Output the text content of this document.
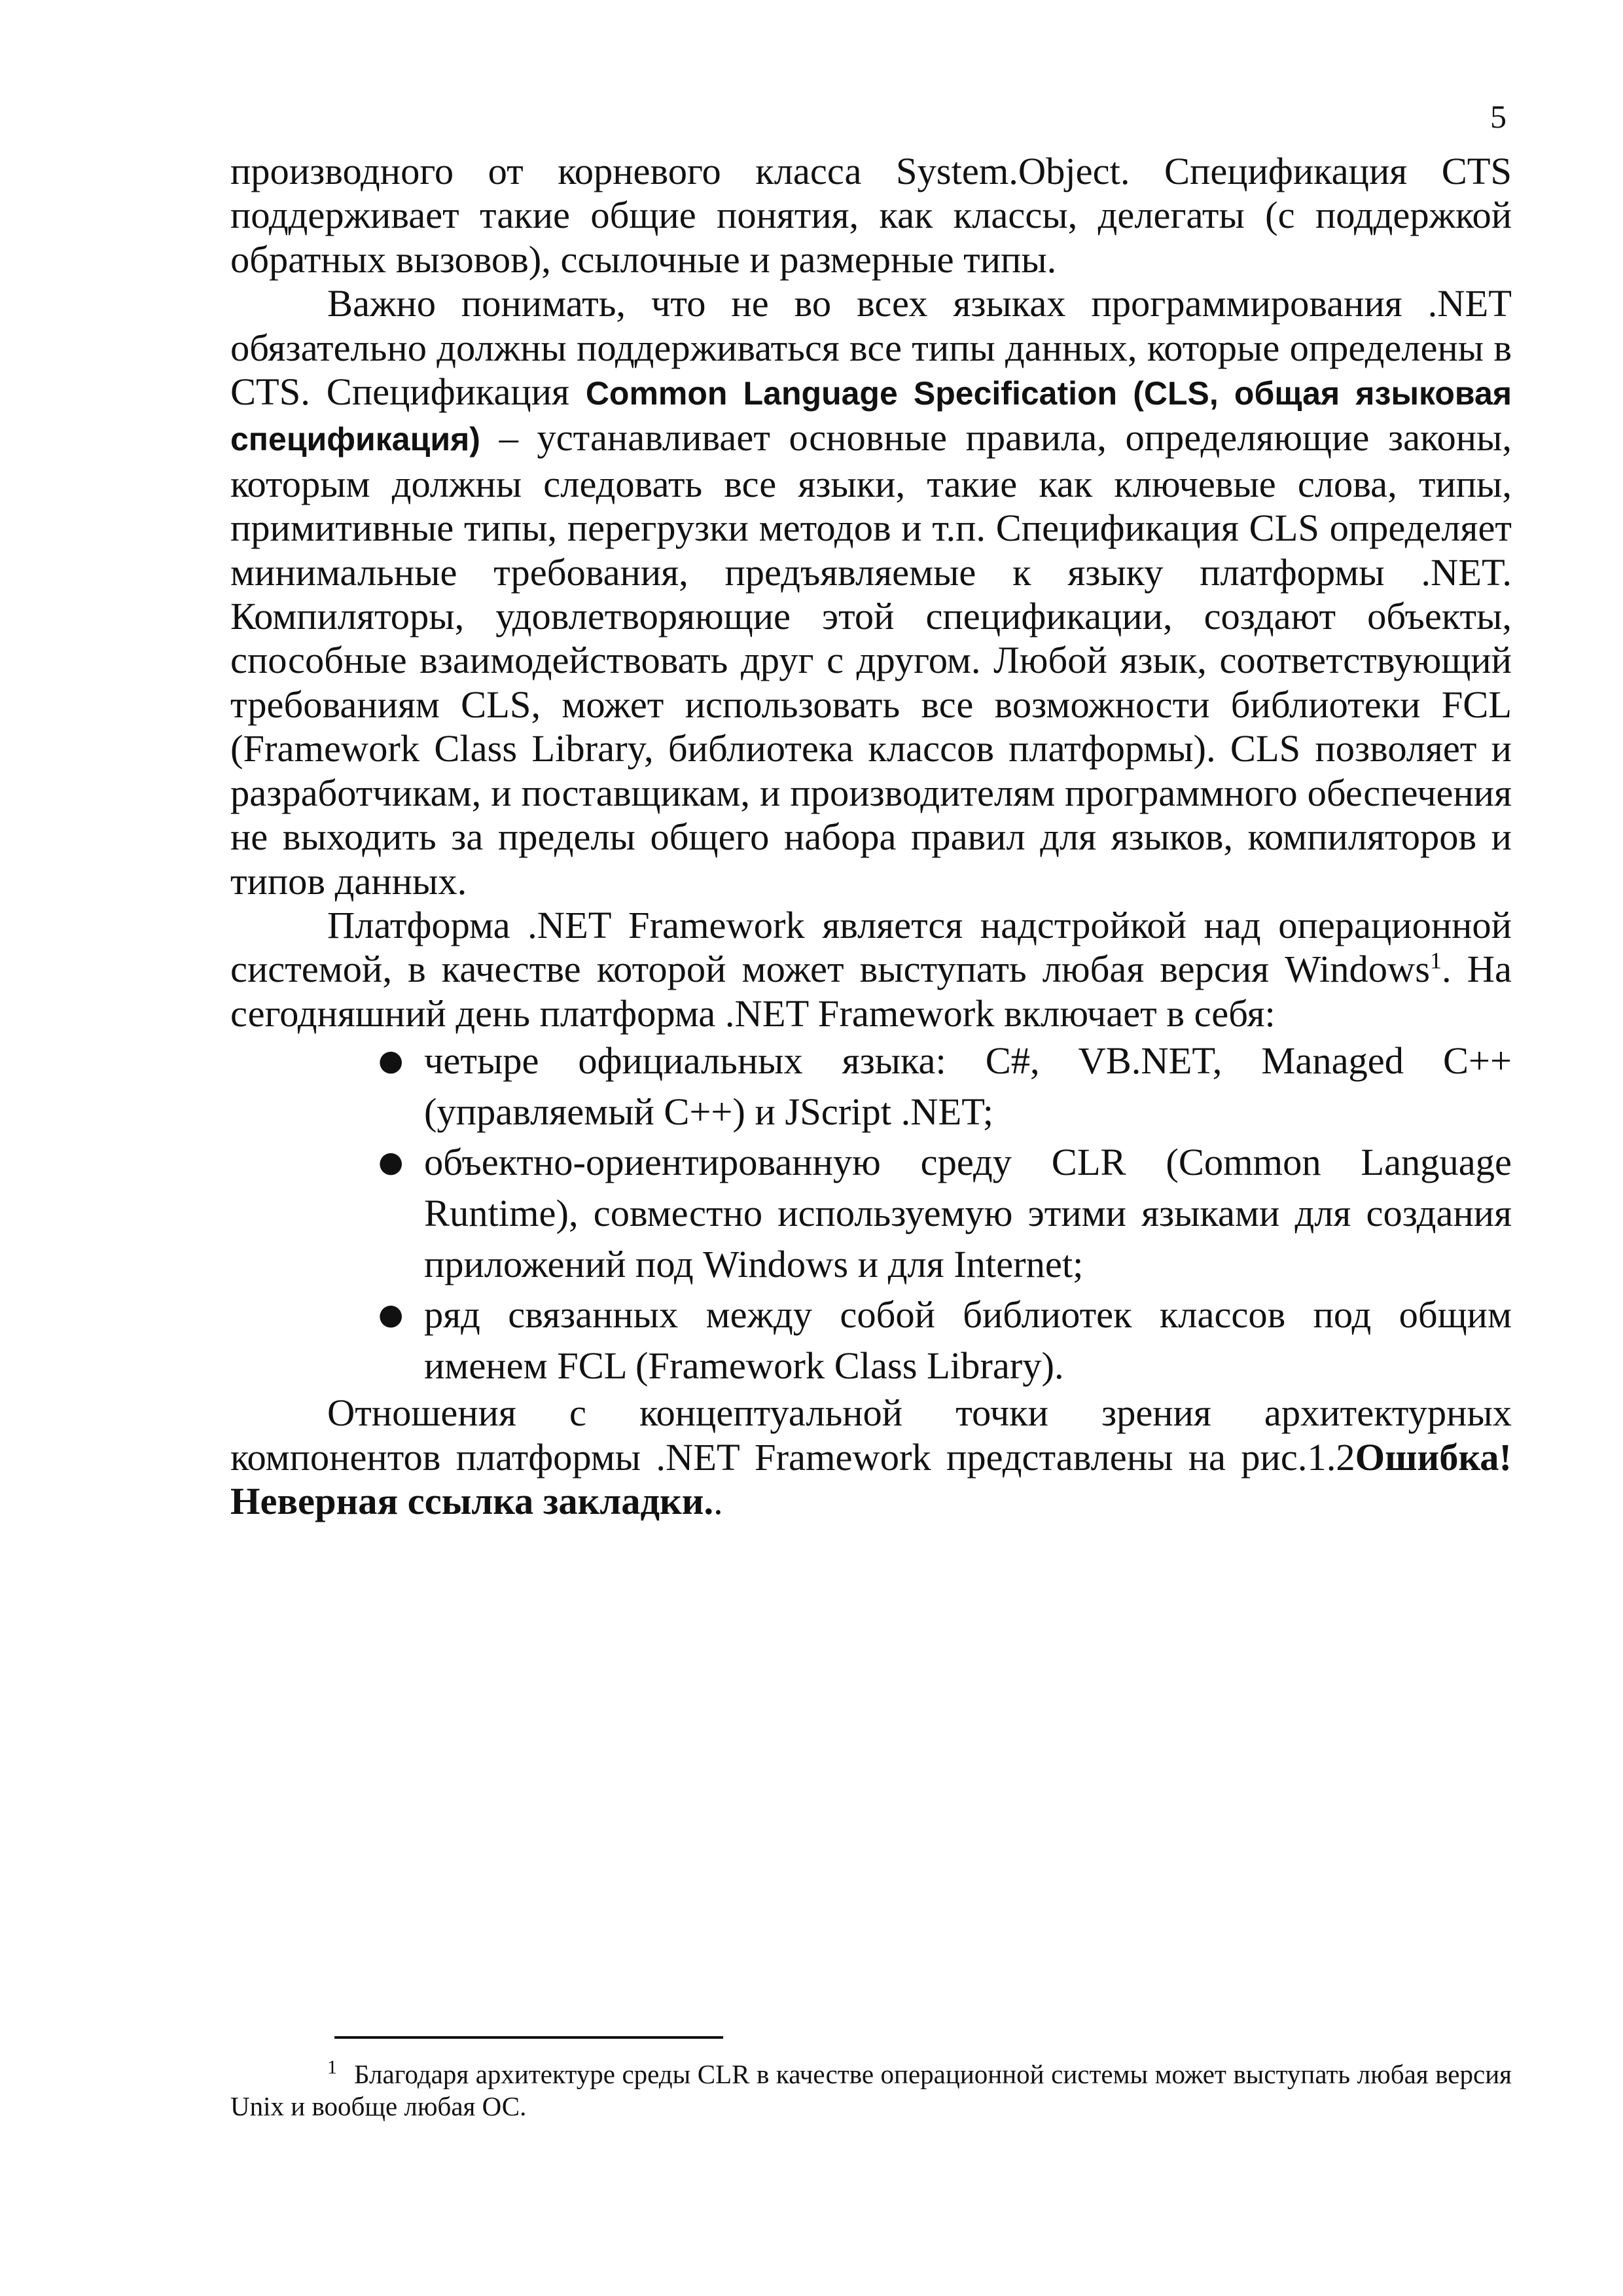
5

производного от корневого класса System.Object. Спецификация CTS поддерживает такие общие понятия, как классы, делегаты (с поддержкой обратных вызовов), ссылочные и размерные типы.

Важно понимать, что не во всех языках программирования .NET обязательно должны поддерживаться все типы данных, которые определены в CTS. Спецификация Common Language Specification (CLS, общая языковая спецификация) – устанавливает основные правила, определяющие законы, которым должны следовать все языки, такие как ключевые слова, типы, примитивные типы, перегрузки методов и т.п. Спецификация CLS определяет минимальные требования, предъявляемые к языку платформы .NET. Компиляторы, удовлетворяющие этой спецификации, создают объекты, способные взаимодействовать друг с другом. Любой язык, соответствующий требованиям CLS, может использовать все возможности библиотеки FCL (Framework Class Library, библиотека классов платформы). CLS позволяет и разработчикам, и поставщикам, и производителям программного обеспечения не выходить за пределы общего набора правил для языков, компиляторов и типов данных.

Платформа .NET Framework является надстройкой над операционной системой, в качестве которой может выступать любая версия Windows$^1$. На сегодняшний день платформа .NET Framework включает в себя:

● четыре официальных языка: C#, VB.NET, Managed C++ (управляемый C++) и JScript .NET;
● объектно-ориентированную среду CLR (Common Language Runtime), совместно используемую этими языками для создания приложений под Windows и для Internet;
● ряд связанных между собой библиотек классов под общим именем FCL (Framework Class Library).

Отношения с концептуальной точки зрения архитектурных компонентов платформы .NET Framework представлены на рис.1.2Ошибка! Неверная ссылка закладки..

$^1$ Благодаря архитектуре среды CLR в качестве операционной системы может выступать любая версия Unix и вообще любая ОС.
